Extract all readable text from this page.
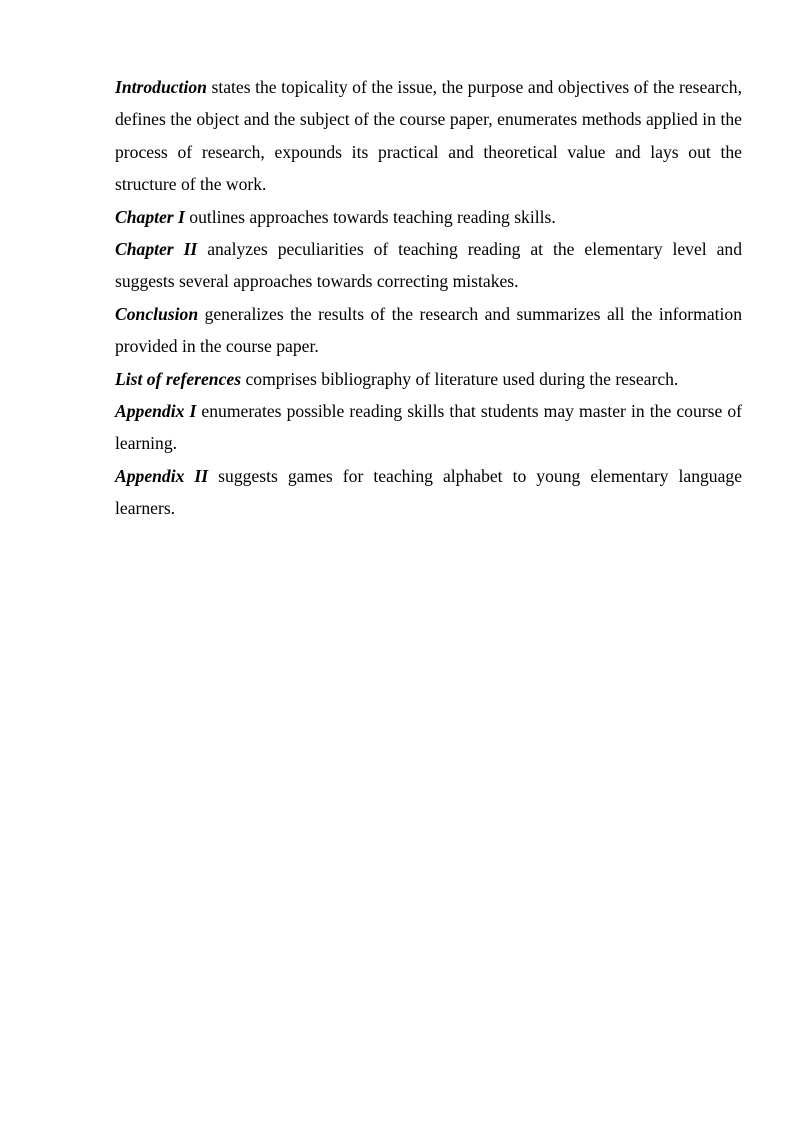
Introduction states the topicality of the issue, the purpose and objectives of the research, defines the object and the subject of the course paper, enumerates methods applied in the process of research, expounds its practical and theoretical value and lays out the structure of the work.

Chapter I outlines approaches towards teaching reading skills.

Chapter II analyzes peculiarities of teaching reading at the elementary level and suggests several approaches towards correcting mistakes.

Conclusion generalizes the results of the research and summarizes all the information provided in the course paper.

List of references comprises bibliography of literature used during the research.

Appendix I enumerates possible reading skills that students may master in the course of learning.

Appendix II suggests games for teaching alphabet to young elementary language learners.
